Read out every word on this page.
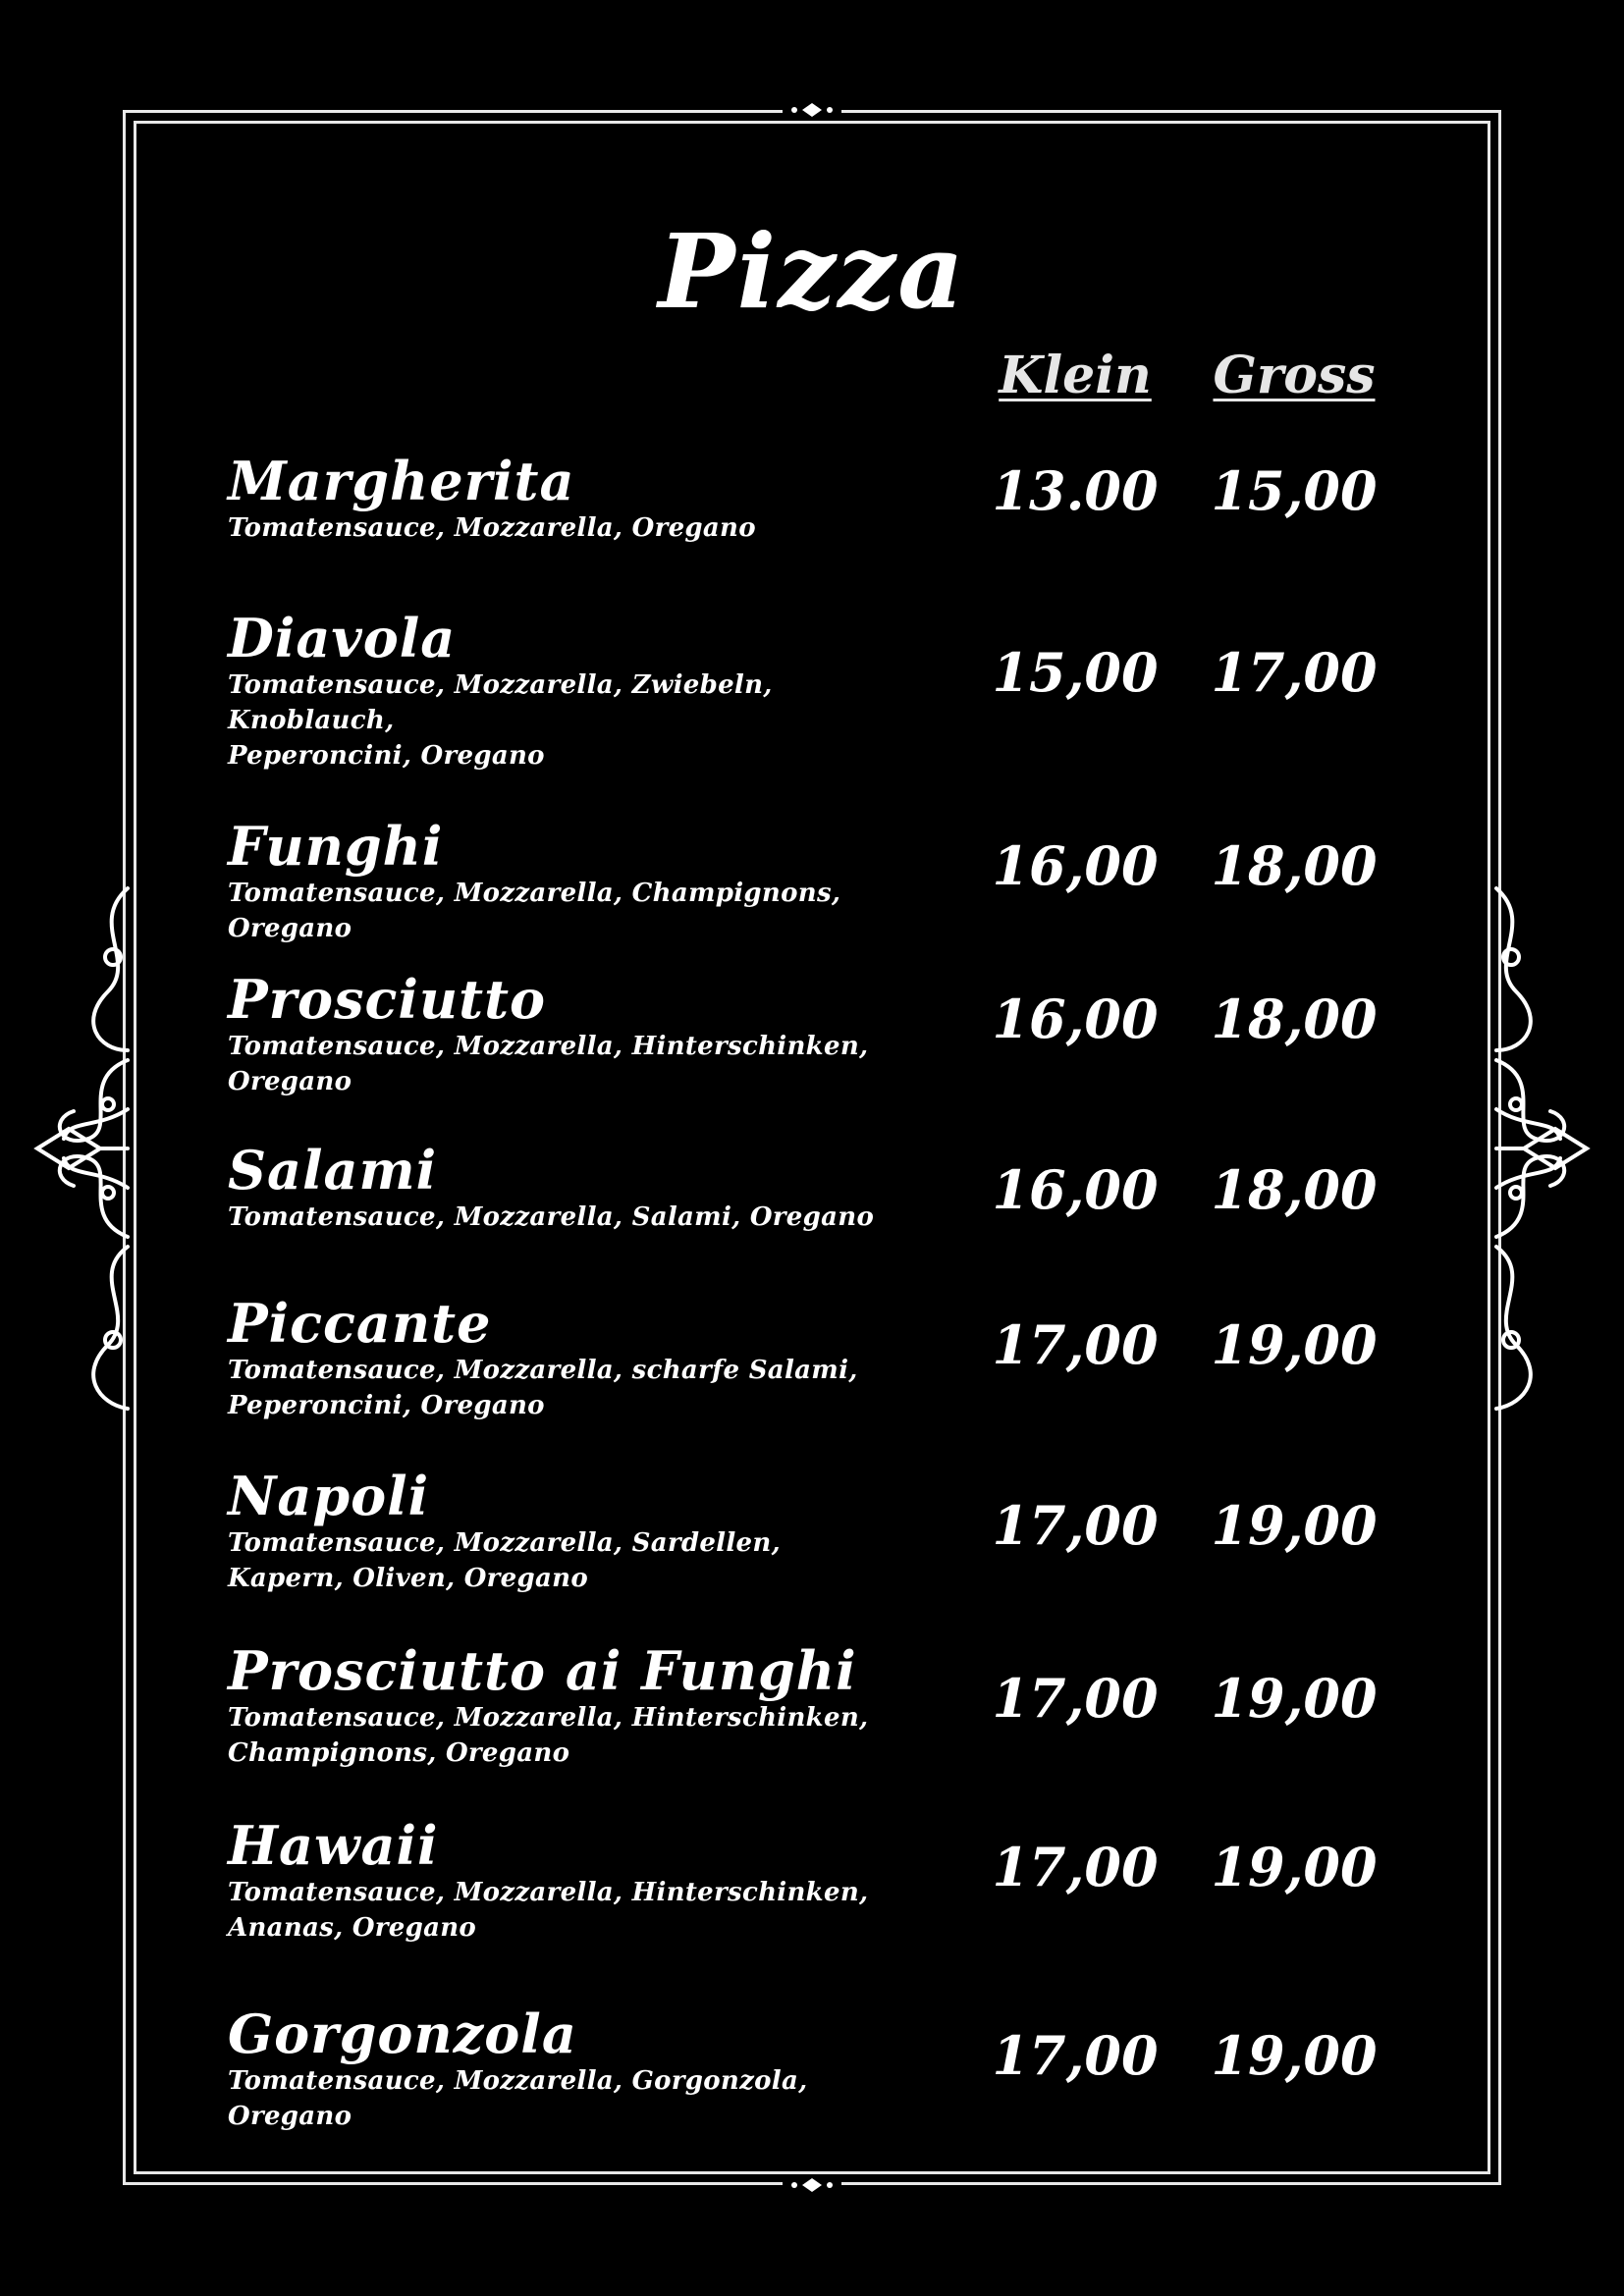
Pizza
Klein Gross
Margherita
Tomatensauce, Mozzarella, Oregano
13.00 15,00
Diavola
Tomatensauce, Mozzarella, Zwiebeln, Knoblauch,
Peperoncini, Oregano
15,00 17,00
Funghi
Tomatensauce, Mozzarella, Champignons, Oregano
16,00 18,00
Prosciutto
Tomatensauce, Mozzarella, Hinterschinken, Oregano
16,00 18,00
Salami
Tomatensauce, Mozzarella, Salami, Oregano	16,00 18,00
Piccante
Tomatensauce, Mozzarella, scharfe Salami,
Peperoncini, Oregano
17,00 19,00
Napoli
Tomatensauce, Mozzarella, Sardellen,
Kapern, Oliven, Oregano
17,00 19,00
Prosciutto ai Funghi
Tomatensauce, Mozzarella, Hinterschinken,
Champignons, Oregano
17,00 19,00
Hawaii
Tomatensauce, Mozzarella, Hinterschinken,
Ananas, Oregano
17,00 19,00
Gorgonzola
Tomatensauce, Mozzarella, Gorgonzola, Oregano
17,00 19,00
